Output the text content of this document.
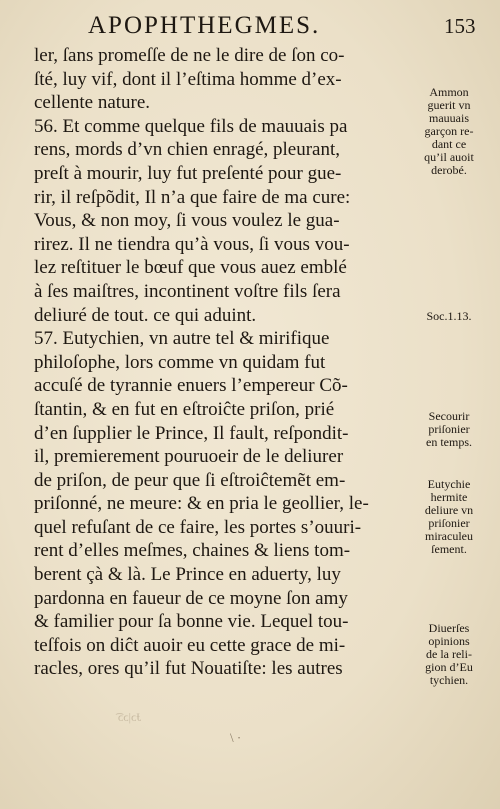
APOPHTHEGMES.	153
ler, ſans promeſſe de ne le dire de ſon co-
ſté, luy vif, dont il l’eſtima homme d’ex-
cellente nature.
56. Et comme quelque fils de mauuais pa
rens, mords d’vn chien enragé, pleurant,
preſt à mourir, luy fut preſenté pour gue-
rir, il reſpõdit, Il n’a que faire de ma cure:
Vous, & non moy, ſi vous voulez le gua-
rirez. Il ne tiendra qu’à vous, ſi vous vou-
lez reſtituer le bœuf que vous auez emblé
à ſes maiſtres, incontinent voſtre fils ſera
deliuré de tout. ce qui aduint.
57. Eutychien, vn autre tel & mirifique
philoſophe, lors comme vn quidam fut
accuſé de tyrannie enuers l’empereur Cõ-
ſtantin, & en fut en eſtroiĉte priſon, prié
d’en ſupplier le Prince, Il fault, reſpondit-
il, premierement pouruoeir de le deliurer
de priſon, de peur que ſi eſtroiĉtemẽt em-
priſonné, ne meure: & en pria le geollier, le-
quel refuſant de ce faire, les portes s’ouuri-
rent d’elles meſmes, chaines & liens tom-
berent çà & là. Le Prince en aduerty, luy
pardonna en faueur de ce moyne ſon amy
& familier pour ſa bonne vie. Lequel tou-
teſfois on diĉt auoir eu cette grace de mi-
racles, ores qu’il fut Nouatiſte: les autres
Ammon
guerit vn
mauuais
garçon re-
dant ce
qu’il auoit
derobé.
Soc.1.13.
Secourir
priſonier
en temps.
Eutychie
hermite
deliure vn
priſonier
miraculeu
ſement.
Diuerſes
opinions
de la reli-
gion d’Eu
tychien.
Ɉɔ|ɔ͡ɔ
\ ·
